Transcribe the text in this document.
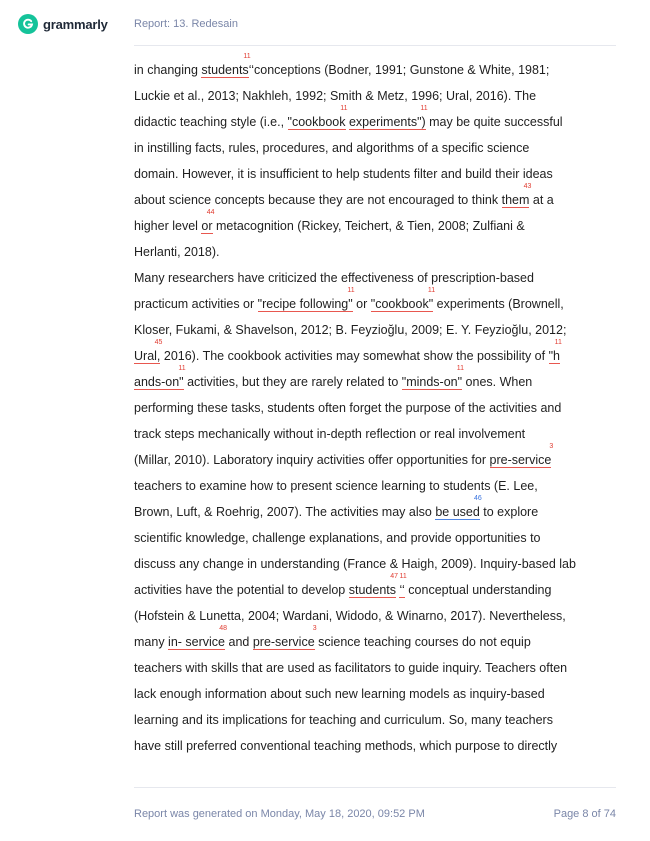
grammarly Report: 13. Redesain
in changing students
11
‘‘conceptions (Bodner, 1991; Gunstone & White, 1981;
Luckie et al., 2013; Nakhleh, 1992; Smith & Metz, 1996; Ural, 2016). The
didactic teaching style (i.e., "cookbook
11
experiments")
11
may be quite successful
in instilling facts, rules, procedures, and algorithms of a specific science
domain. However, it is insufficient to help students filter and build their ideas
about science concepts because they are not encouraged to think them
43
at a
higher level or
44
metacognition (Rickey, Teichert, & Tien, 2008; Zulfiani &
Herlanti, 2018).
Many researchers have criticized the effectiveness of prescription-based
practicum activities or "recipe following"
11
or "cookbook"
11
experiments (Brownell,
Kloser, Fukami, & Shavelson, 2012; B. Feyzioğlu, 2009; E. Y. Feyzioğlu, 2012;
Ural,
45
2016). The cookbook activities may somewhat show the possibility of "h
11
ands-on"
11
activities, but they are rarely related to "minds-on"
11
ones. When
performing these tasks, students often forget the purpose of the activities and
track steps mechanically without in-depth reflection or real involvement
(Millar, 2010). Laboratory inquiry activities offer opportunities for pre-service
3
teachers to examine how to present science learning to students (E. Lee,
Brown, Luft, & Roehrig, 2007). The activities may also be used
46
to explore
scientific knowledge, challenge explanations, and provide opportunities to
discuss any change in understanding (France & Haigh, 2009). Inquiry-based lab
activities have the potential to develop students
47
‘‘
11
conceptual understanding
(Hofstein & Lunetta, 2004; Wardani, Widodo, & Winarno, 2017). Nevertheless,
many in- service
48
and pre-service
3
science teaching courses do not equip
teachers with skills that are used as facilitators to guide inquiry. Teachers often
lack enough information about such new learning models as inquiry-based
learning and its implications for teaching and curriculum. So, many teachers
have still preferred conventional teaching methods, which purpose to directly
Report was generated on Monday, May 18, 2020, 09:52 PM	Page 8 of 74
